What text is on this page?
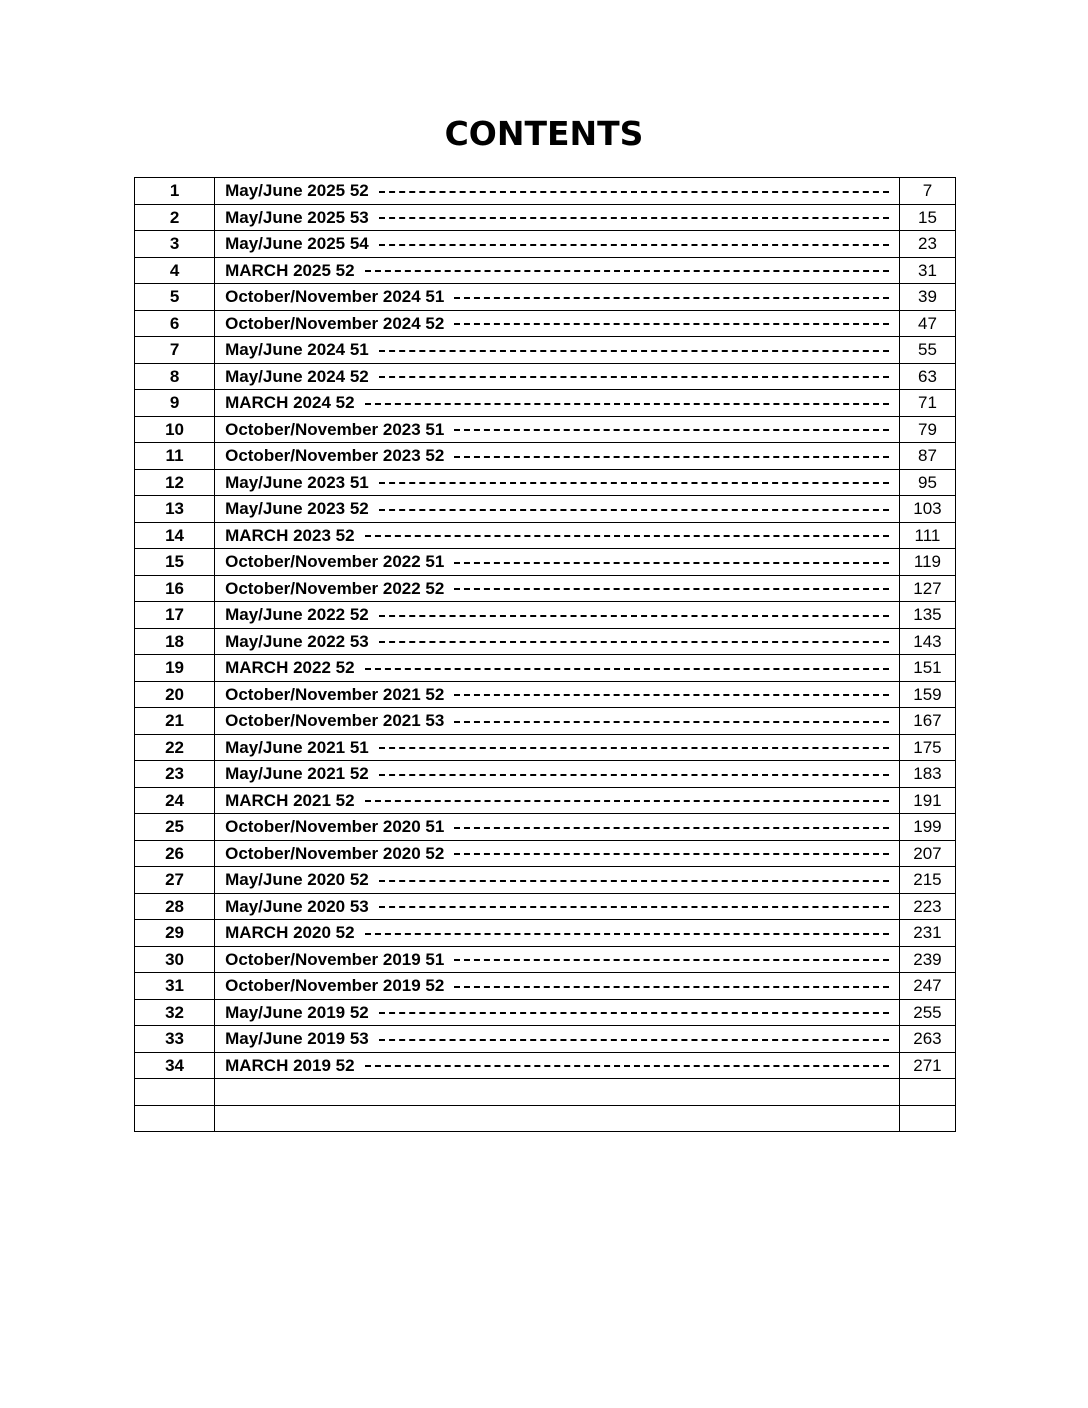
CONTENTS
1	May/June 2025 52	7
2	May/June 2025 53	15
3	May/June 2025 54	23
4	MARCH 2025 52	31
5	October/November 2024 51	39
6	October/November 2024 52	47
7	May/June 2024 51	55
8	May/June 2024 52	63
9	MARCH 2024 52	71
10	October/November 2023 51	79
11	October/November 2023 52	87
12	May/June 2023 51	95
13	May/June 2023 52	103
14	MARCH 2023 52	111
15	October/November 2022 51	119
16	October/November 2022 52	127
17	May/June 2022 52	135
18	May/June 2022 53	143
19	MARCH 2022 52	151
20	October/November 2021 52	159
21	October/November 2021 53	167
22	May/June 2021 51	175
23	May/June 2021 52	183
24	MARCH 2021 52	191
25	October/November 2020 51	199
26	October/November 2020 52	207
27	May/June 2020 52	215
28	May/June 2020 53	223
29	MARCH 2020 52	231
30	October/November 2019 51	239
31	October/November 2019 52	247
32	May/June 2019 52	255
33	May/June 2019 53	263
34	MARCH 2019 52	271
